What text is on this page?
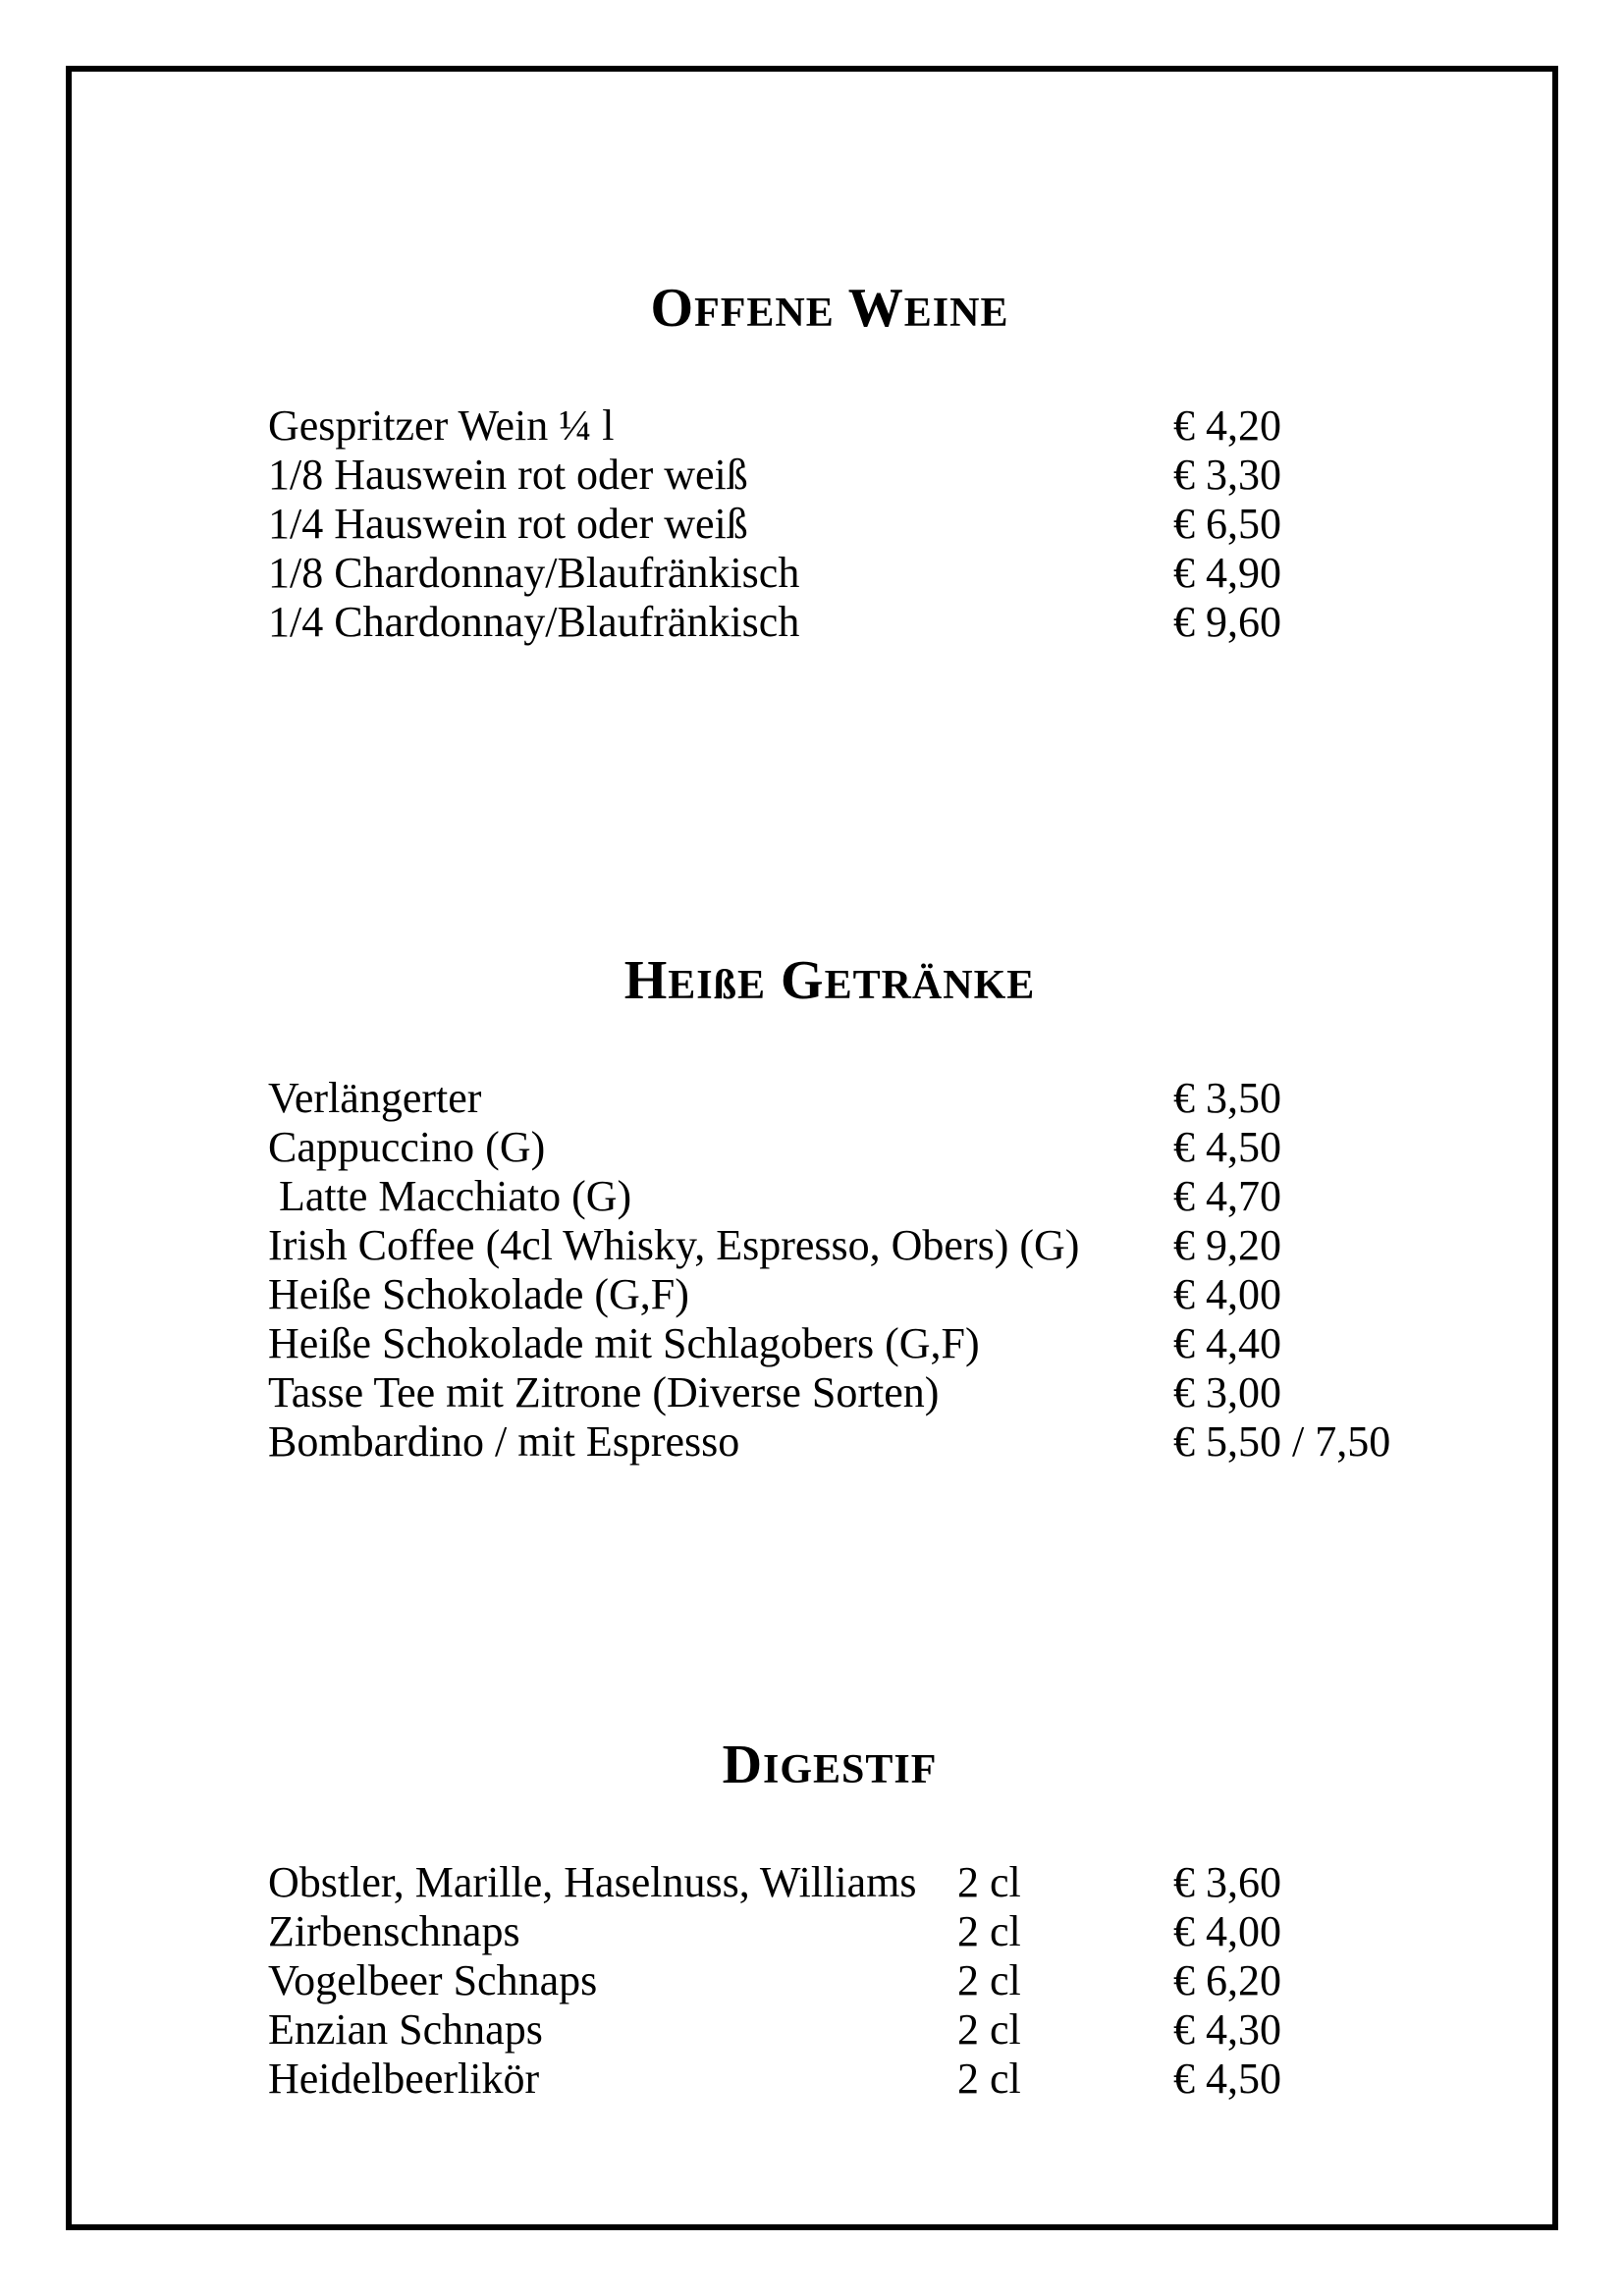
OFFENE WEINE
Gespritzer Wein ¼ l	€ 4,20
1/8 Hauswein rot oder weiß	€ 3,30
1/4 Hauswein rot oder weiß	€ 6,50
1/8 Chardonnay/Blaufränkisch	€ 4,90
1/4 Chardonnay/Blaufränkisch	€ 9,60
HEIßE GETRÄNKE
Verlängerter	€ 3,50
Cappuccino (G)	€ 4,50
Latte Macchiato (G)	€ 4,70
Irish Coffee (4cl Whisky, Espresso, Obers) (G) € 9,20
Heiße Schokolade (G,F)	€ 4,00
Heiße Schokolade mit Schlagobers (G,F)	€ 4,40
Tasse Tee mit Zitrone (Diverse Sorten)	€ 3,00
Bombardino / mit Espresso	€ 5,50 / 7,50
DIGESTIF
Obstler, Marille, Haselnuss, Williams 2 cl	€ 3,60
Zirbenschnaps	2 cl	€ 4,00
Vogelbeer Schnaps	2 cl	€ 6,20
Enzian Schnaps	2 cl	€ 4,30
Heidelbeerlikör	2 cl	€ 4,50
